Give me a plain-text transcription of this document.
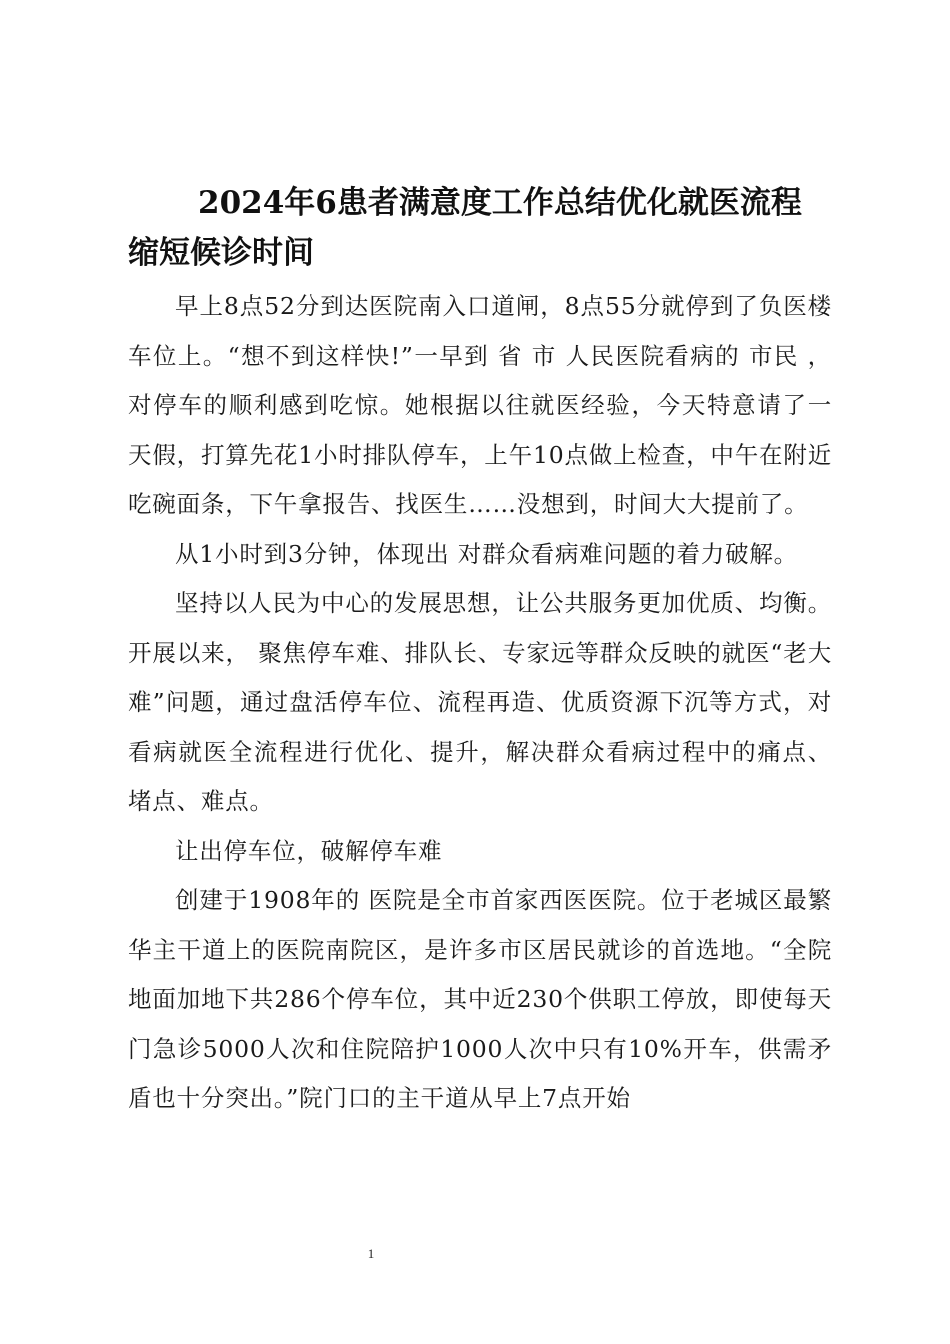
2024年6患者满意度工作总结优化就医流程 缩短候诊时间

早上8点52分到达医院南入口道闸，8点55分就停到了负医楼车位上。“想不到这样快!”一早到 省 市 人民医院看病的 市民 ，对停车的顺利感到吃惊。她根据以往就医经验，今天特意请了一天假，打算先花1小时排队停车，上午10点做上检查，中午在附近吃碗面条，下午拿报告、找医生……没想到，时间大大提前了。

从1小时到3分钟，体现出 对群众看病难问题的着力破解。

坚持以人民为中心的发展思想，让公共服务更加优质、均衡。 开展以来， 聚焦停车难、排队长、专家远等群众反映的就医“老大难”问题，通过盘活停车位、流程再造、优质资源下沉等方式，对看病就医全流程进行优化、提升，解决群众看病过程中的痛点、堵点、难点。

让出停车位，破解停车难

创建于1908年的 医院是全市首家西医医院。位于老城区最繁华主干道上的医院南院区，是许多市区居民就诊的首选地。“全院地面加地下共286个停车位，其中近230个供职工停放，即使每天门急诊5000人次和住院陪护1000人次中只有10%开车，供需矛盾也十分突出。”院门口的主干道从早上7点开始

1
